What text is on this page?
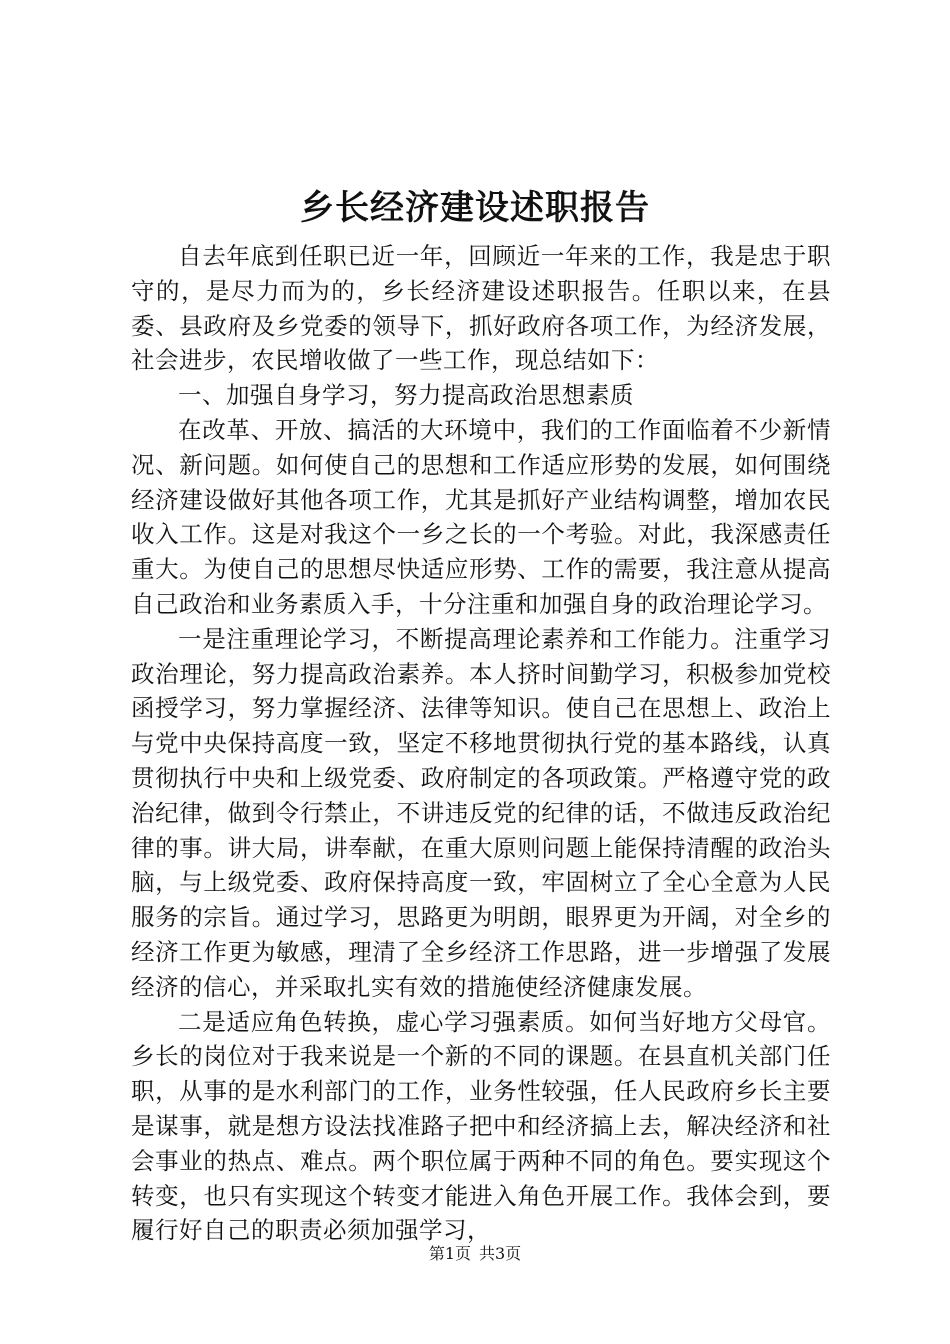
乡长经济建设述职报告

自去年底到任职已近一年，回顾近一年来的工作，我是忠于职守的，是尽力而为的，乡长经济建设述职报告。任职以来，在县委、县政府及乡党委的领导下，抓好政府各项工作，为经济发展，社会进步，农民增收做了一些工作，现总结如下：

一、加强自身学习，努力提高政治思想素质

在改革、开放、搞活的大环境中，我们的工作面临着不少新情况、新问题。如何使自己的思想和工作适应形势的发展，如何围绕经济建设做好其他各项工作，尤其是抓好产业结构调整，增加农民收入工作。这是对我这个一乡之长的一个考验。对此，我深感责任重大。为使自己的思想尽快适应形势、工作的需要，我注意从提高自己政治和业务素质入手，十分注重和加强自身的政治理论学习。

一是注重理论学习，不断提高理论素养和工作能力。注重学习政治理论，努力提高政治素养。本人挤时间勤学习，积极参加党校函授学习，努力掌握经济、法律等知识。使自己在思想上、政治上与党中央保持高度一致，坚定不移地贯彻执行党的基本路线，认真贯彻执行中央和上级党委、政府制定的各项政策。严格遵守党的政治纪律，做到令行禁止，不讲违反党的纪律的话，不做违反政治纪律的事。讲大局，讲奉献，在重大原则问题上能保持清醒的政治头脑，与上级党委、政府保持高度一致，牢固树立了全心全意为人民服务的宗旨。通过学习，思路更为明朗，眼界更为开阔，对全乡的经济工作更为敏感，理清了全乡经济工作思路，进一步增强了发展经济的信心，并采取扎实有效的措施使经济健康发展。

二是适应角色转换，虚心学习强素质。如何当好地方父母官。乡长的岗位对于我来说是一个新的不同的课题。在县直机关部门任职，从事的是水利部门的工作，业务性较强，任人民政府乡长主要是谋事，就是想方设法找准路子把中和经济搞上去，解决经济和社会事业的热点、难点。两个职位属于两种不同的角色。要实现这个转变，也只有实现这个转变才能进入角色开展工作。我体会到，要履行好自己的职责必须加强学习，

第1页 共3页
